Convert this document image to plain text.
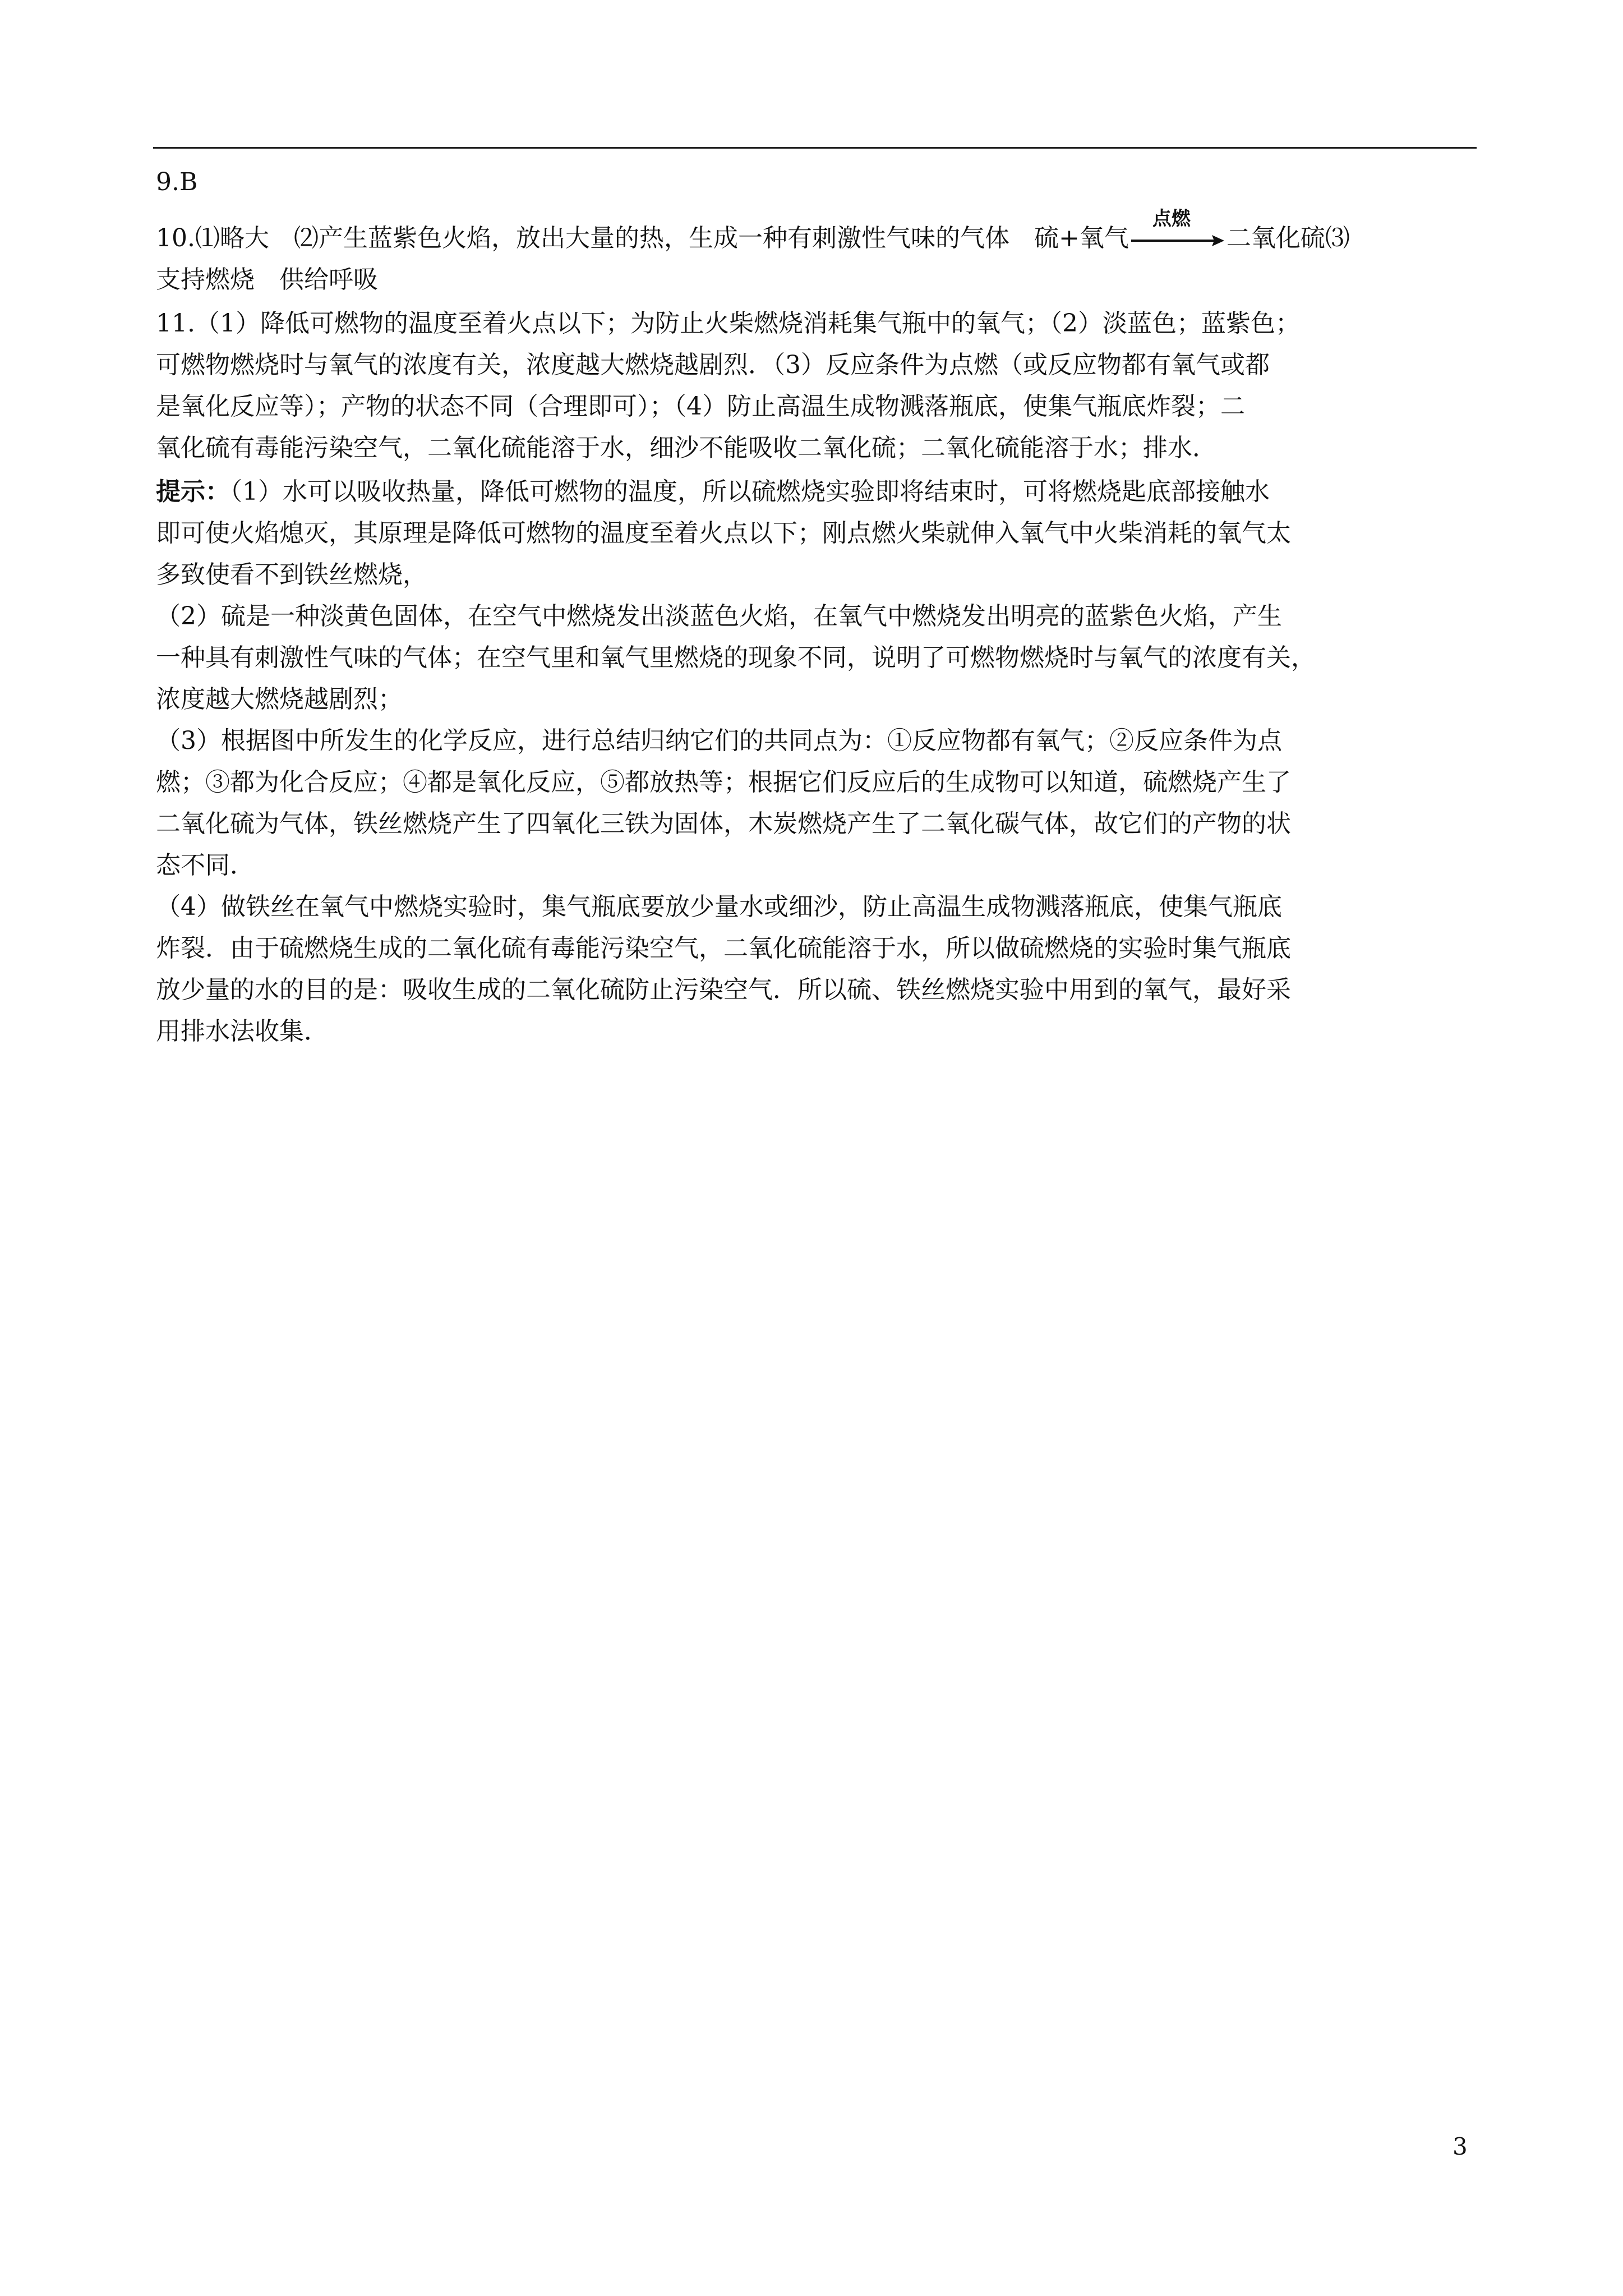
9.B
10.⑴略大　⑵产生蓝紫色火焰，放出大量的热，生成一种有刺激性气味的气体　硫+氧气
点燃
二氧化硫⑶
支持燃烧　供给呼吸
11.（1）降低可燃物的温度至着火点以下；为防止火柴燃烧消耗集气瓶中的氧气；（2）淡蓝色；蓝紫色；
可燃物燃烧时与氧气的浓度有关，浓度越大燃烧越剧烈．（3）反应条件为点燃（或反应物都有氧气或都
是氧化反应等）；产物的状态不同（合理即可）；（4）防止高温生成物溅落瓶底，使集气瓶底炸裂；二
氧化硫有毒能污染空气，二氧化硫能溶于水，细沙不能吸收二氧化硫；二氧化硫能溶于水；排水．
提示：（1）水可以吸收热量，降低可燃物的温度，所以硫燃烧实验即将结束时，可将燃烧匙底部接触水
即可使火焰熄灭，其原理是降低可燃物的温度至着火点以下；刚点燃火柴就伸入氧气中火柴消耗的氧气太
多致使看不到铁丝燃烧，
（2）硫是一种淡黄色固体，在空气中燃烧发出淡蓝色火焰，在氧气中燃烧发出明亮的蓝紫色火焰，产生
一种具有刺激性气味的气体；在空气里和氧气里燃烧的现象不同，说明了可燃物燃烧时与氧气的浓度有关，
浓度越大燃烧越剧烈；
（3）根据图中所发生的化学反应，进行总结归纳它们的共同点为：①反应物都有氧气；②反应条件为点
燃；③都为化合反应；④都是氧化反应，⑤都放热等；根据它们反应后的生成物可以知道，硫燃烧产生了
二氧化硫为气体，铁丝燃烧产生了四氧化三铁为固体，木炭燃烧产生了二氧化碳气体，故它们的产物的状
态不同．
（4）做铁丝在氧气中燃烧实验时，集气瓶底要放少量水或细沙，防止高温生成物溅落瓶底，使集气瓶底
炸裂．由于硫燃烧生成的二氧化硫有毒能污染空气，二氧化硫能溶于水，所以做硫燃烧的实验时集气瓶底
放少量的水的目的是：吸收生成的二氧化硫防止污染空气．所以硫、铁丝燃烧实验中用到的氧气，最好采
用排水法收集．
3
